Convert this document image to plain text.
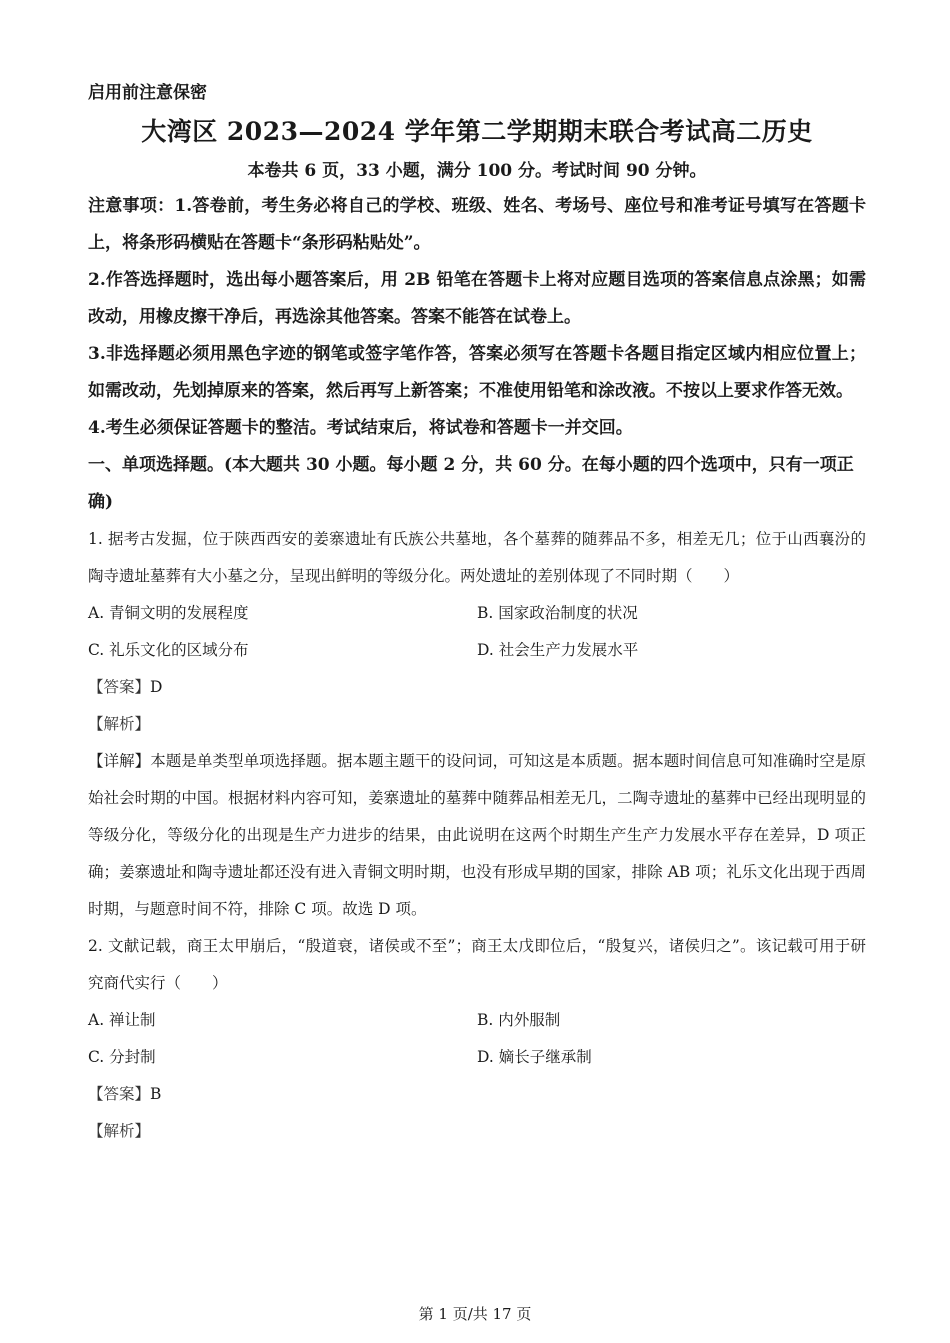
启用前注意保密

大湾区 2023—2024 学年第二学期期末联合考试高二历史

本卷共 6 页，33 小题，满分 100 分。考试时间 90 分钟。

注意事项：1.答卷前，考生务必将自己的学校、班级、姓名、考场号、座位号和准考证号填写在答题卡上，将条形码横贴在答题卡“条形码粘贴处”。

2.作答选择题时，选出每小题答案后，用 2B 铅笔在答题卡上将对应题目选项的答案信息点涂黑；如需改动，用橡皮擦干净后，再选涂其他答案。答案不能答在试卷上。

3.非选择题必须用黑色字迹的钢笔或签字笔作答，答案必须写在答题卡各题目指定区域内相应位置上；如需改动，先划掉原来的答案，然后再写上新答案；不准使用铅笔和涂改液。不按以上要求作答无效。

4.考生必须保证答题卡的整洁。考试结束后，将试卷和答题卡一并交回。

一、单项选择题。(本大题共 30 小题。每小题 2 分，共 60 分。在每小题的四个选项中，只有一项正确)

1. 据考古发掘，位于陕西西安的姜寨遗址有氏族公共墓地，各个墓葬的随葬品不多，相差无几；位于山西襄汾的陶寺遗址墓葬有大小墓之分，呈现出鲜明的等级分化。两处遗址的差别体现了不同时期（　　）

A. 青铜文明的发展程度	B. 国家政治制度的状况
C. 礼乐文化的区域分布	D. 社会生产力发展水平

【答案】D

【解析】

【详解】本题是单类型单项选择题。据本题主题干的设问词，可知这是本质题。据本题时间信息可知准确时空是原始社会时期的中国。根据材料内容可知，姜寨遗址的墓葬中随葬品相差无几，二陶寺遗址的墓葬中已经出现明显的等级分化，等级分化的出现是生产力进步的结果，由此说明在这两个时期生产生产力发展水平存在差异，D 项正确；姜寨遗址和陶寺遗址都还没有进入青铜文明时期，也没有形成早期的国家，排除 AB 项；礼乐文化出现于西周时期，与题意时间不符，排除 C 项。故选 D 项。

2. 文献记载，商王太甲崩后，“殷道衰，诸侯或不至”；商王太戊即位后，“殷复兴，诸侯归之”。该记载可用于研究商代实行（　　）

A. 禅让制	B. 内外服制
C. 分封制	D. 嫡长子继承制

【答案】B

【解析】

第 1 页/共 17 页
